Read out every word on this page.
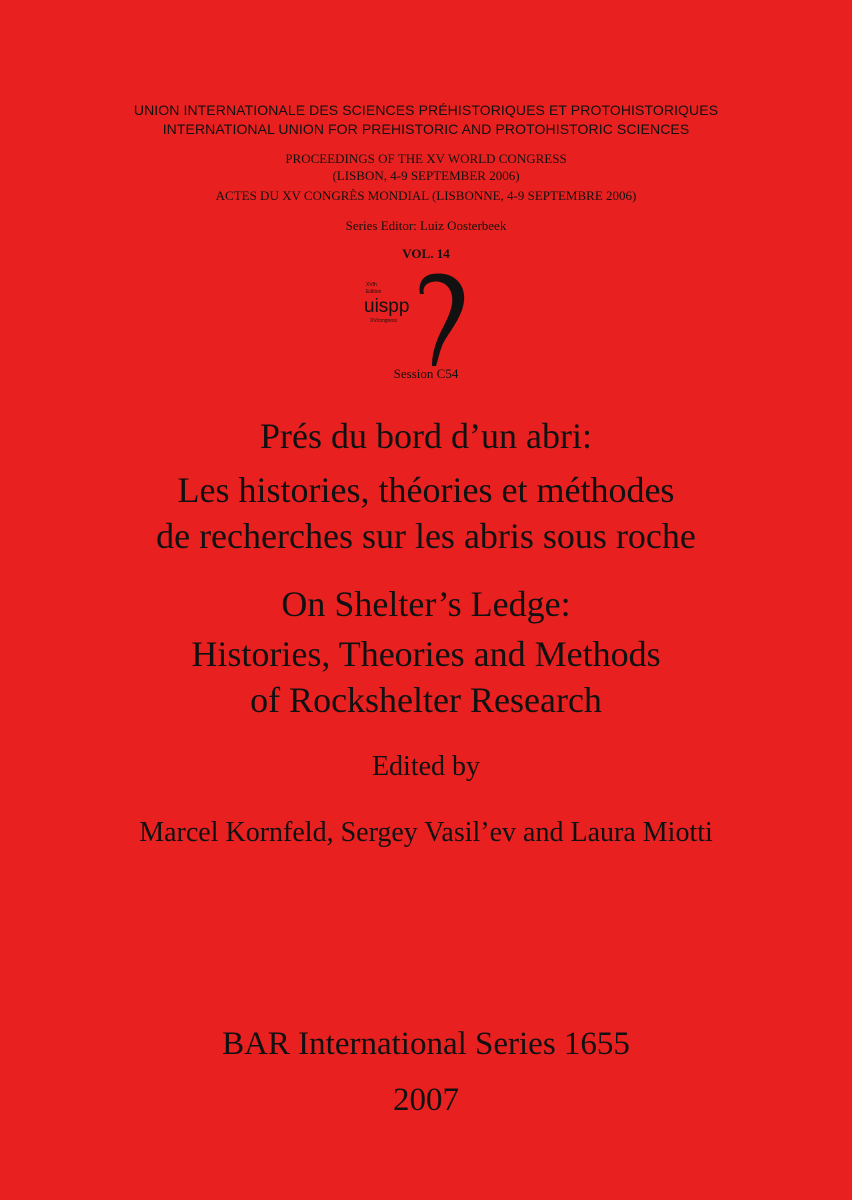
UNION INTERNATIONALE DES SCIENCES PRÉHISTORIQUES ET PROTOHISTORIQUES
INTERNATIONAL UNION FOR PREHISTORIC AND PROTOHISTORIC SCIENCES
PROCEEDINGS OF THE XV WORLD CONGRESS
(LISBON, 4-9 SEPTEMBER 2006)
ACTES DU XV CONGRÈS MONDIAL (LISBONNE, 4-9 SEPTEMBRE 2006)
Series Editor: Luiz Oosterbeek
VOL. 14
XVth
Edition
uispp
XVcongress
Session C54
Prés du bord d’un abri:
Les histories, théories et méthodes
de recherches sur les abris sous roche
On Shelter’s Ledge:
Histories, Theories and Methods
of Rockshelter Research
Edited by
Marcel Kornfeld, Sergey Vasil’ev and Laura Miotti
BAR International Series 1655
2007
